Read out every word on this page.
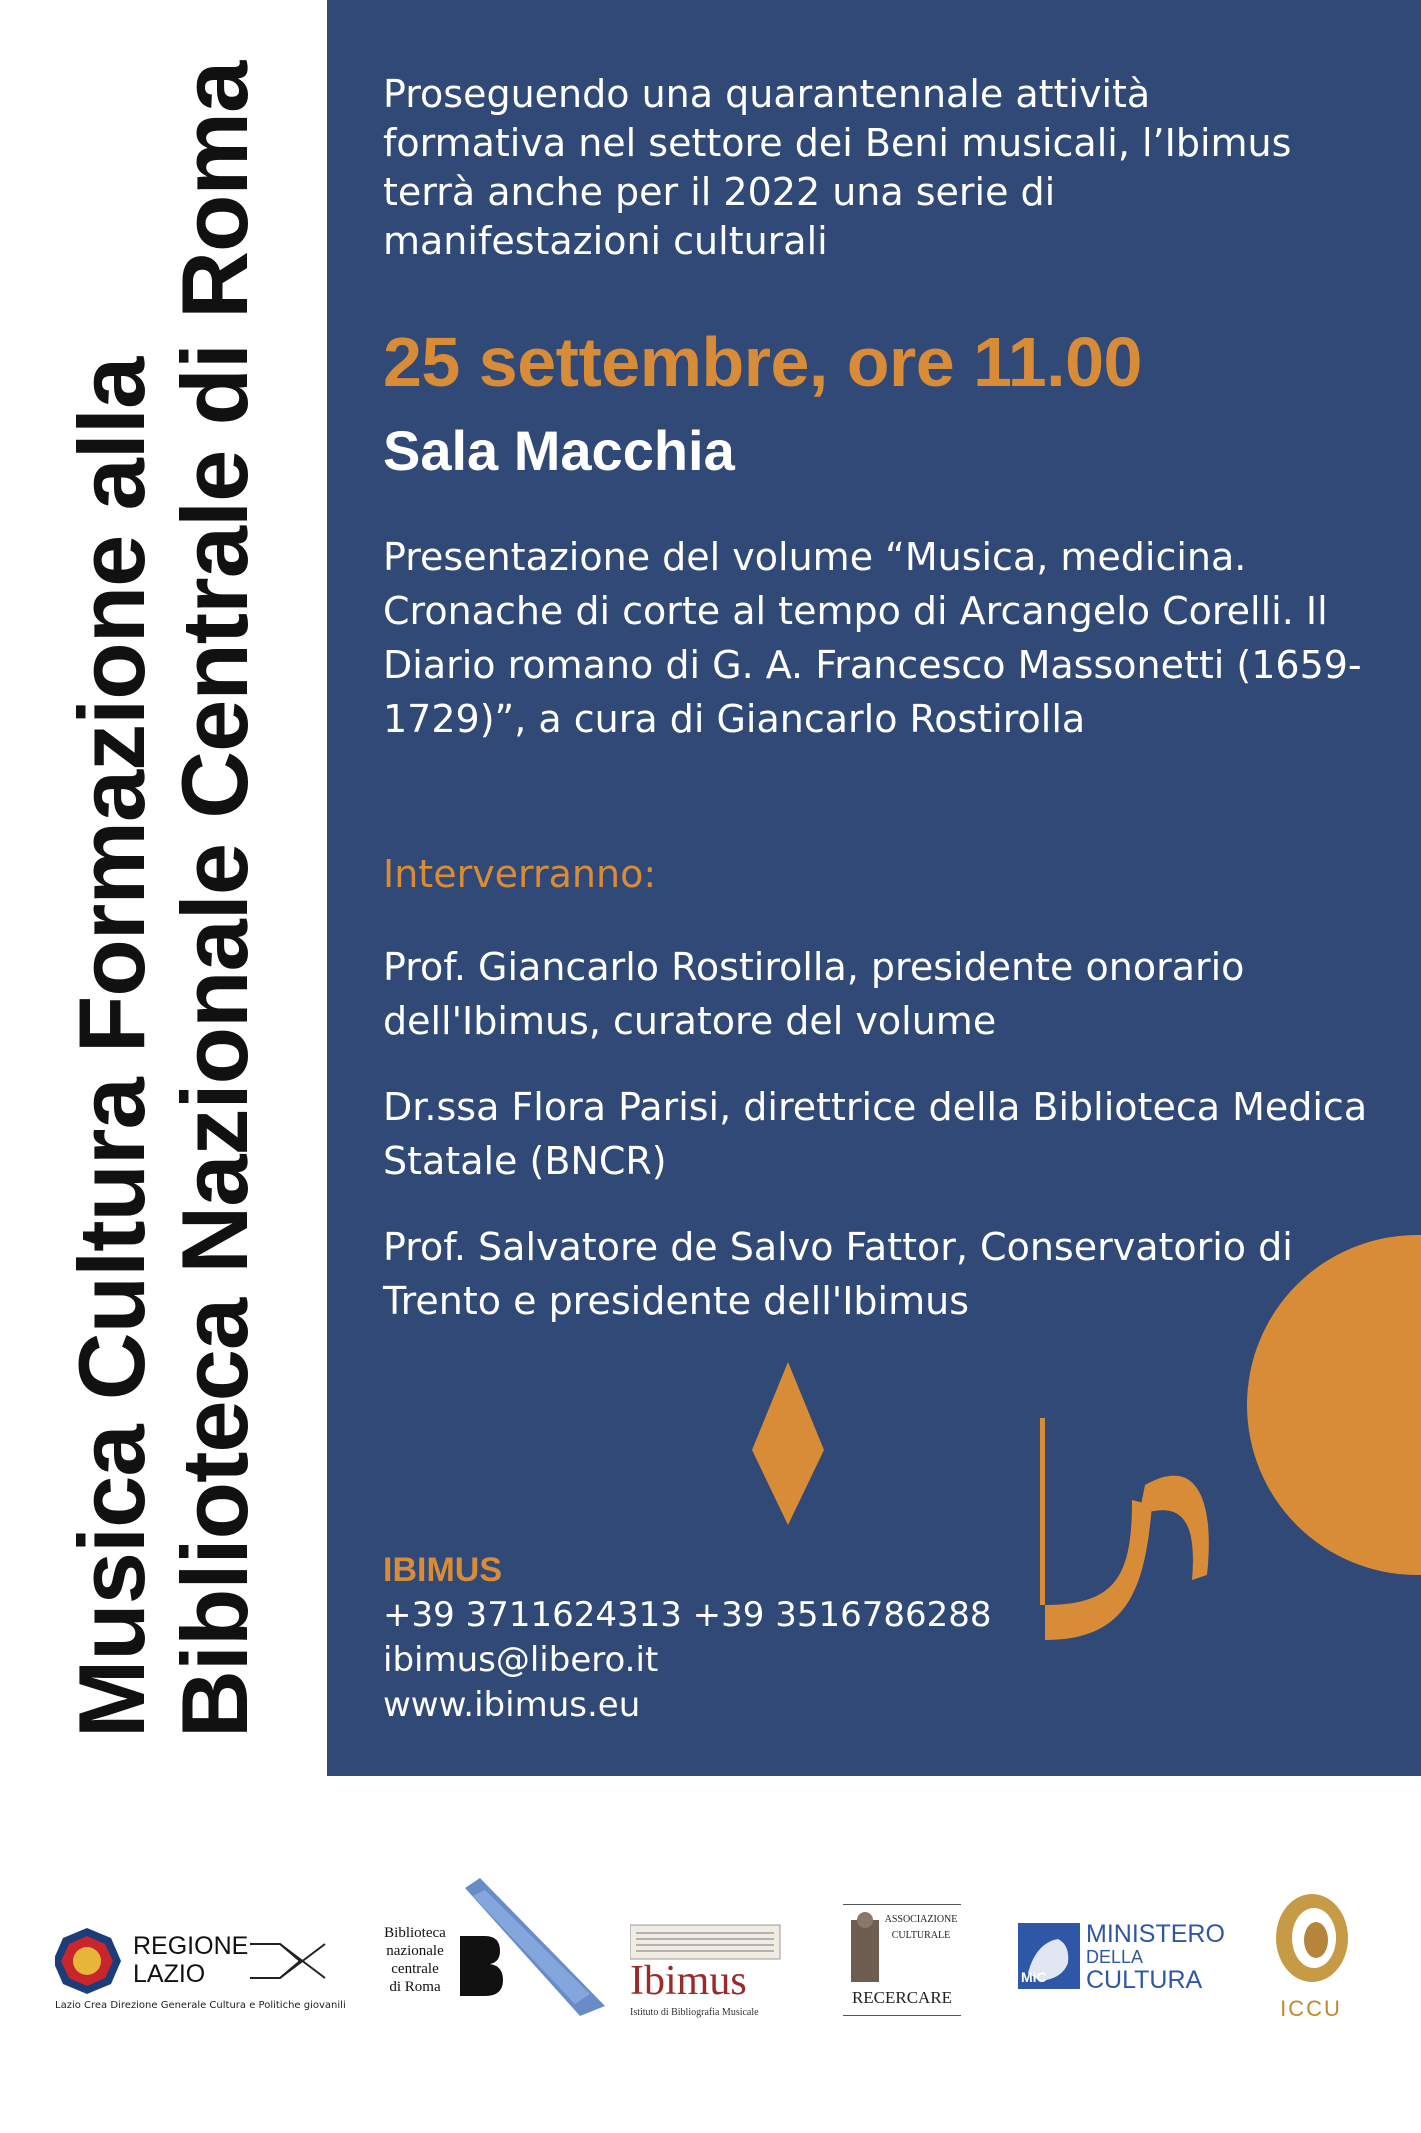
Musica Cultura Formazione alla
Biblioteca Nazionale Centrale di Roma	Proseguendo una quarantennale attività formativa nel settore dei Beni musicali, l’Ibimus terrà anche per il 2022 una serie di manifestazioni culturali
25 settembre, ore 11.00
Sala Macchia
Presentazione del volume “Musica, medicina. Cronache di corte al tempo di Arcangelo Corelli. Il Diario romano di G. A. Francesco Massonetti (1659-1729)”, a cura di Giancarlo Rostirolla
Interverranno:
Prof. Giancarlo Rostirolla, presidente onorario dell'Ibimus, curatore del volume
Dr.ssa Flora Parisi, direttrice della Biblioteca Medica Statale (BNCR)
Prof. Salvatore de Salvo Fattor, Conservatorio di Trento e presidente dell'Ibimus
IBIMUS
+39 3711624313 +39 3516786288
ibimus@libero.it
www.ibimus.eu
REGIONE
LAZIO
Lazio Crea Direzione Generale Cultura e Politiche giovanili
Biblioteca
nazionale
centrale
di Roma	Ibimus
Istituto di Bibliografia Musicale
ASSOCIAZIONE
CULTURALE
RECERCARE
MiC
MINISTERO
DELLA
CULTURA
ICCU
